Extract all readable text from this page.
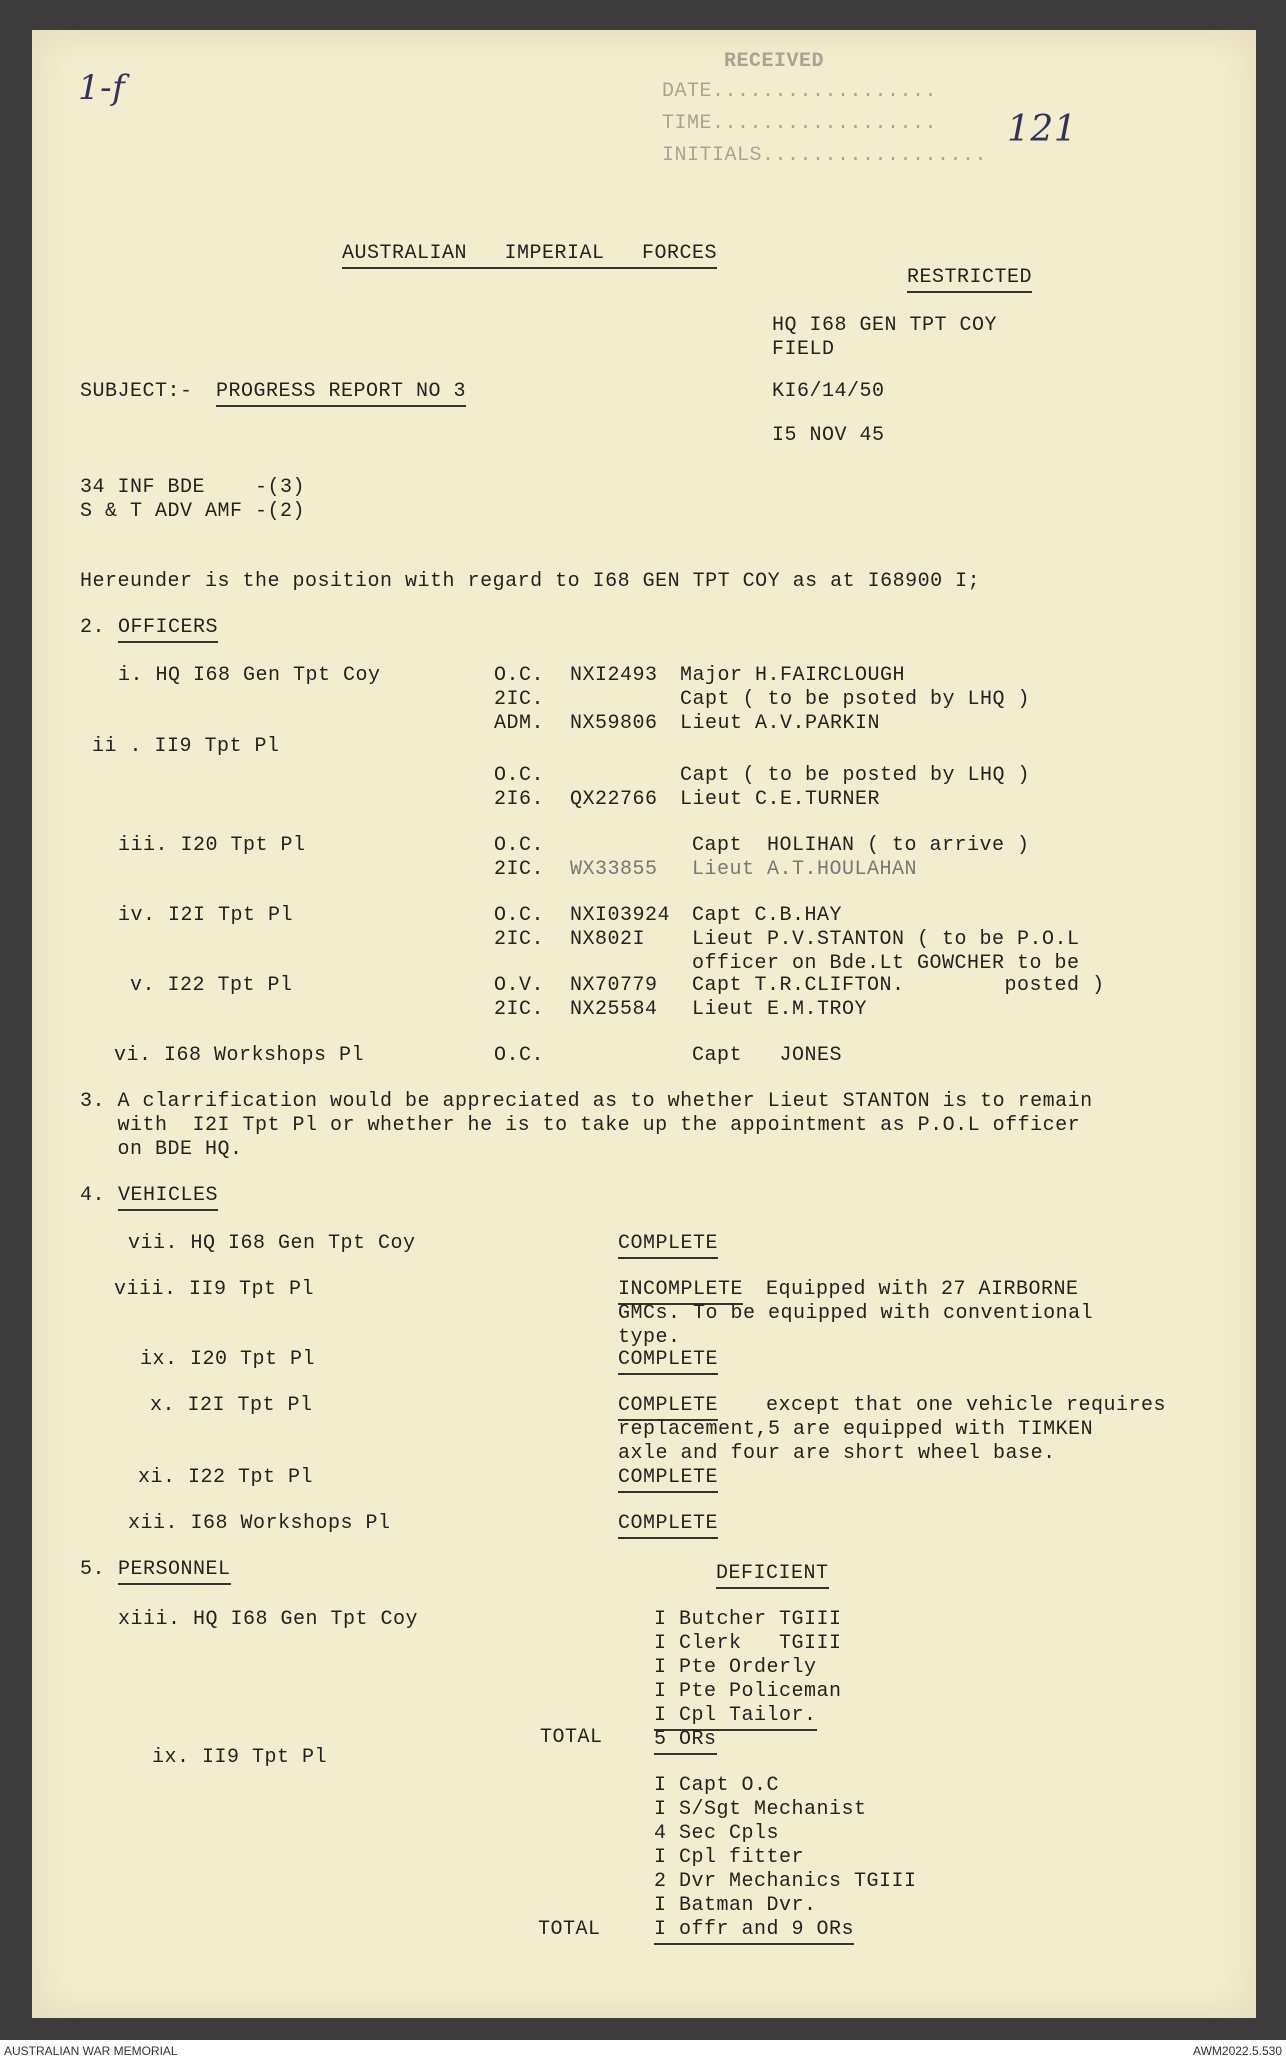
RECEIVED
DATE..................
TIME..................
INITIALS..................
1-f
121
AUSTRALIAN   IMPERIAL   FORCES
RESTRICTED
HQ I68 GEN TPT COY
FIELD
KI6/14/50
I5 NOV 45
SUBJECT:- PROGRESS REPORT NO 3
34 INF BDE    -(3)
S & T ADV AMF -(2)
Hereunder is the position with regard to I68 GEN TPT COY as at I68900 I;
2. OFFICERS
i. HQ I68 Gen Tpt Coy	O.C. NXI2493 Major H.FAIRCLOUGH
2IC.	Capt ( to be psoted by LHQ )
ADM. NX59806 Lieut A.V.PARKIN
ii . II9 Tpt Pl
O.C.	Capt ( to be posted by LHQ )
2I6. QX22766 Lieut C.E.TURNER
iii. I20 Tpt Pl	O.C.	Capt  HOLIHAN ( to arrive )
2IC. WX33855 Lieut A.T.HOULAHAN
iv. I2I Tpt Pl	O.C. NXI03924 Capt C.B.HAY
2IC. NX802I Lieut P.V.STANTON ( to be P.O.L
officer on Bde.Lt GOWCHER to be
v. I22 Tpt Pl	O.V. NX70779 Capt T.R.CLIFTON.        posted )
2IC. NX25584 Lieut E.M.TROY
vi. I68 Workshops Pl	O.C.	Capt   JONES
3. A clarrification would be appreciated as to whether Lieut STANTON is to remain
with  I2I Tpt Pl or whether he is to take up the appointment as P.O.L officer
on BDE HQ.
4. VEHICLES
vii. HQ I68 Gen Tpt Coy	COMPLETE
viii. II9 Tpt Pl	INCOMPLETE Equipped with 27 AIRBORNE
GMCs. To be equipped with conventional
type.
ix. I20 Tpt Pl	COMPLETE
x. I2I Tpt Pl	COMPLETE except that one vehicle requires
replacement,5 are equipped with TIMKEN
axle and four are short wheel base.
xi. I22 Tpt Pl	COMPLETE
xii. I68 Workshops Pl	COMPLETE
5. PERSONNEL	DEFICIENT
xiii. HQ I68 Gen Tpt Coy	I Butcher TGIII
I Clerk   TGIII
I Pte Orderly
I Pte Policeman
I Cpl Tailor.
TOTAL	5 ORs
ix. II9 Tpt Pl
I Capt O.C
I S/Sgt Mechanist
4 Sec Cpls
I Cpl fitter
2 Dvr Mechanics TGIII
I Batman Dvr.
TOTAL	I offr and 9 ORs
AUSTRALIAN WAR MEMORIAL	AWM2022.5.530
